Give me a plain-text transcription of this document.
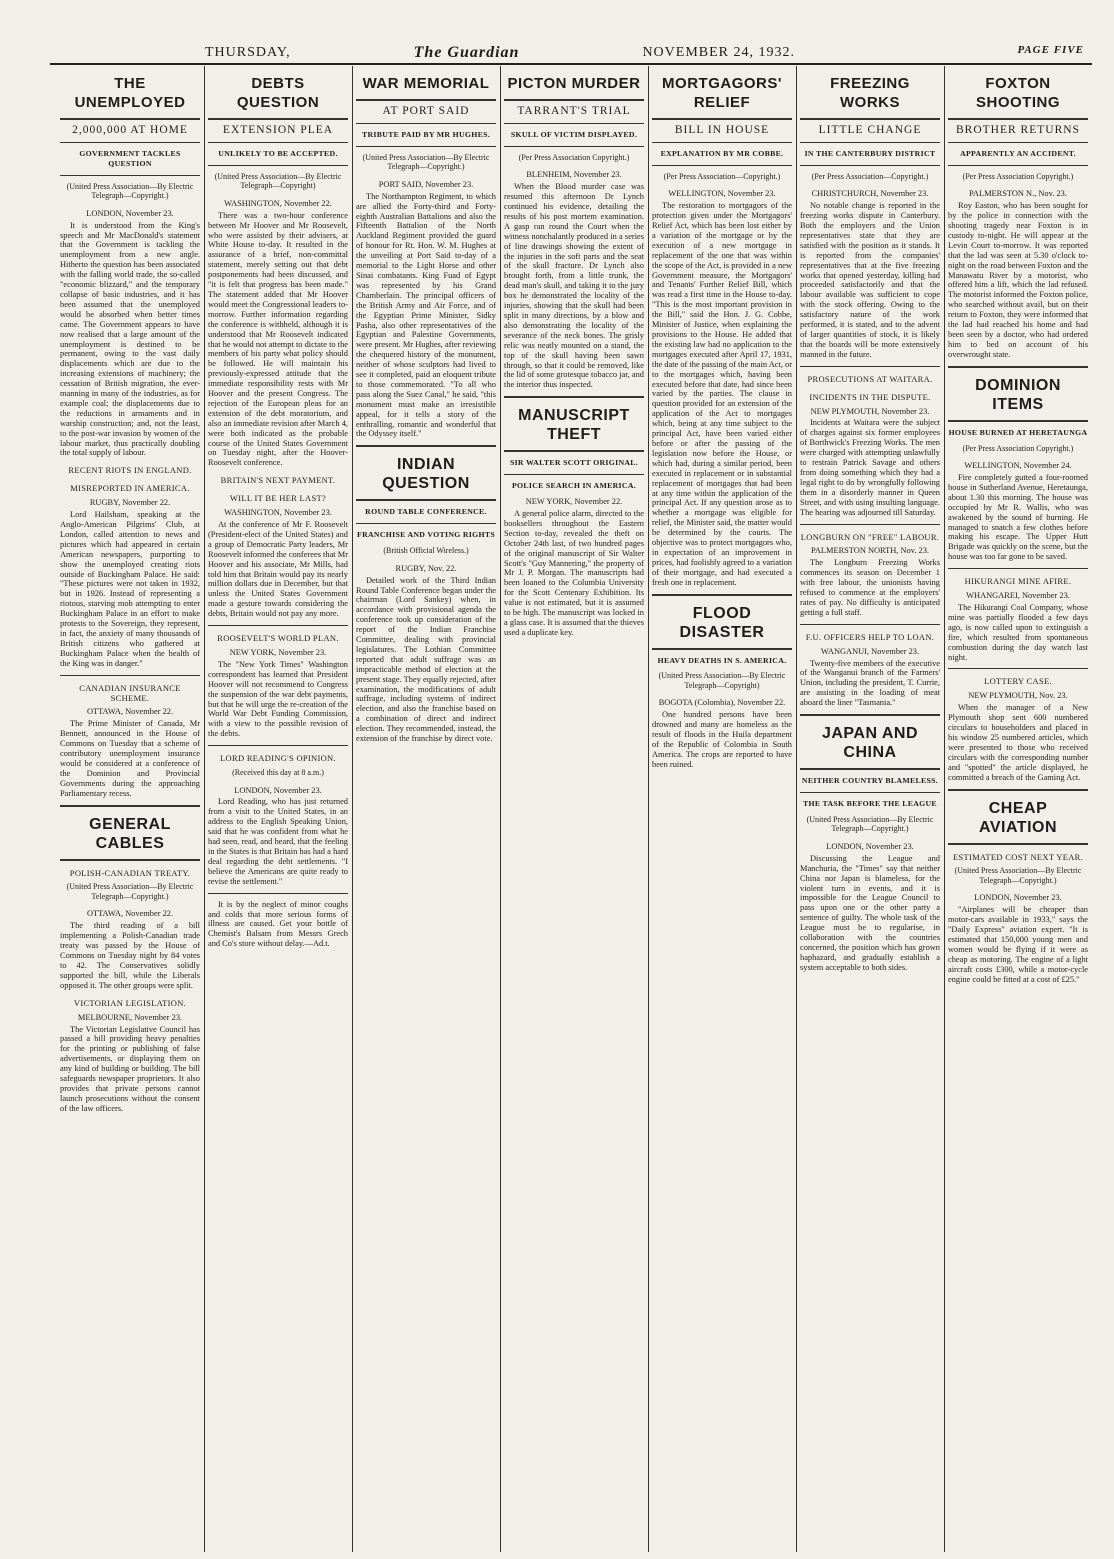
THURSDAY,	The Guardian	NOVEMBER 24, 1932.	PAGE FIVE
THE UNEMPLOYED
2,000,000 AT HOME
GOVERNMENT TACKLES QUESTION
(United Press Association—By Electric Telegraph—Copyright.)
LONDON, November 23.

It is understood from the King's speech and Mr MacDonald's statement that the Government is tackling the unemployment from a new angle. Hitherto the question has been associated with the falling world trade, the so-called "economic blizzard," and the temporary collapse of basic industries, and it has been assumed that the unemployed would be absorbed when better times came. The Government appears to have now realised that a large amount of the unemployment is destined to be permanent, owing to the vast daily displacements which are due to the increasing extensions of machinery; the cessation of British migration, the ever-manning in many of the industries, as for example coal; the displacements due to the reductions in armaments and in warship construction; and, not the least, to the post-war invasion by women of the labour market, thus practically doubling the total supply of labour.

RECENT RIOTS IN ENGLAND.
MISREPORTED IN AMERICA.
RUGBY, November 22.

Lord Hailsham, speaking at the Anglo-American Pilgrims' Club, at London, called attention to news and pictures which had appeared in certain American newspapers, purporting to show the unemployed creating riots outside of Buckingham Palace. He said: "These pictures were not taken in 1932, but in 1926. Instead of representing a riotous, starving mob attempting to enter Buckingham Palace in an effort to make protests to the Sovereign, they represent, in fact, the anxiety of many thousands of British citizens who gathered at Buckingham Palace when the health of the King was in danger."

CANADIAN INSURANCE SCHEME.
OTTAWA, November 22.

The Prime Minister of Canada, Mr Bennett, announced in the House of Commons on Tuesday that a scheme of contributory unemployment insurance would be considered at a conference of the Dominion and Provincial Governments during the approaching Parliamentary recess.

GENERAL CABLES
POLISH-CANADIAN TREATY.
(United Press Association—By Electric Telegraph—Copyright.)
OTTAWA, November 22.

The third reading of a bill implementing a Polish-Canadian trade treaty was passed by the House of Commons on Tuesday night by 84 votes to 42. The Conservatives solidly supported the bill, while the Liberals opposed it. The other groups were split.

VICTORIAN LEGISLATION.
MELBOURNE, November 23.

The Victorian Legislative Council has passed a bill providing heavy penalties for the printing or publishing of false advertisements, or displaying them on any kind of building or building. The bill safeguards newspaper proprietors. It also provides that private persons cannot launch prosecutions without the consent of the law officers.

DEBTS QUESTION
EXTENSION PLEA
UNLIKELY TO BE ACCEPTED.
(United Press Association—By Electric Telegraph—Copyright)
WASHINGTON, November 22.

There was a two-hour conference between Mr Hoover and Mr Roosevelt, who were assisted by their advisers, at White House to-day. It resulted in the assurance of a brief, non-committal statement, merely setting out that debt postponements had been discussed, and "it is felt that progress has been made." The statement added that Mr Hoover would meet the Congressional leaders to-morrow. Further information regarding the conference is withheld, although it is understood that Mr Roosevelt indicated that he would not attempt to dictate to the members of his party what policy should be followed. He will maintain his previously-expressed attitude that the immediate responsibility rests with Mr Hoover and the present Congress. The rejection of the European pleas for an extension of the debt moratorium, and also an immediate revision after March 4, were both indicated as the probable course of the United States Government on Tuesday night, after the Hoover-Roosevelt conference.

BRITAIN'S NEXT PAYMENT.
WILL IT BE HER LAST?
WASHINGTON, November 23.

At the conference of Mr F. Roosevelt (President-elect of the United States) and a group of Democratic Party leaders, Mr Roosevelt informed the conferees that Mr Hoover and his associate, Mr Mills, had told him that Britain would pay its nearly million dollars due in December, but that unless the United States Government made a gesture towards considering the debts, Britain would not pay any more.

ROOSEVELT'S WORLD PLAN.
NEW YORK, November 23.

The "New York Times" Washington correspondent has learned that President Hoover will not recommend to Congress the suspension of the war debt payments, but that he will urge the re-creation of the World War Debt Funding Commission, with a view to the possible revision of the debts.

LORD READING'S OPINION.
(Received this day at 8 a.m.)
LONDON, November 23.

Lord Reading, who has just returned from a visit to the United States, in an address to the English Speaking Union, said that he was confident from what he had seen, read, and heard, that the feeling in the States is that Britain has had a hard deal regarding the debt settlements. "I believe the Americans are quite ready to revise the settlement."

It is by the neglect of minor coughs and colds that more serious forms of illness are caused. Get your bottle of Chemist's Balsam from Messrs Grech and Co's store without delay.—Ad.t.

WAR MEMORIAL
AT PORT SAID
TRIBUTE PAID BY MR HUGHES.
(United Press Association—By Electric Telegraph—Copyright.)
PORT SAID, November 23.

The Northampton Regiment, to which are allied the Forty-third and Forty-eighth Australian Battalions and also the Fifteenth Battalion of the North Auckland Regiment provided the guard of honour for Rt. Hon. W. M. Hughes at the unveiling at Port Said to-day of a memorial to the Light Horse and other Sinai combatants. King Fuad of Egypt was represented by his Grand Chamberlain. The principal officers of the British Army and Air Force, and of the Egyptian Prime Minister, Sidky Pasha, also other representatives of the Egyptian and Palestine Governments, were present. Mr Hughes, after reviewing the chequered history of the monument, neither of whose sculptors had lived to see it completed, paid an eloquent tribute to those commemorated. "To all who pass along the Suez Canal," he said, "this monument must make an irresistible appeal, for it tells a story of the enthralling, romantic and wonderful that the Odyssey itself."

INDIAN QUESTION
ROUND TABLE CONFERENCE.
FRANCHISE AND VOTING RIGHTS
(British Official Wireless.)
RUGBY, Nov. 22.

Detailed work of the Third Indian Round Table Conference began under the chairman (Lord Sankey) when, in accordance with provisional agenda the conference took up consideration of the report of the Indian Franchise Committee, dealing with provincial legislatures. The Lothian Committee reported that adult suffrage was an impracticable method of election at the present stage. They equally rejected, after examination, the modifications of adult suffrage, including systems of indirect election, and also the franchise based on a combination of direct and indirect election. They recommended, instead, the extension of the franchise by direct vote.

PICTON MURDER
TARRANT'S TRIAL
SKULL OF VICTIM DISPLAYED.
(Per Press Association Copyright.)
BLENHEIM, November 23.

When the Blood murder case was resumed this afternoon Dr Lynch continued his evidence, detailing the results of his post mortem examination. A gasp ran round the Court when the witness nonchalantly produced in a series of line drawings showing the extent of the injuries in the soft parts and the seat of the skull fracture. Dr Lynch also brought forth, from a little trunk, the dead man's skull, and taking it to the jury box he demonstrated the locality of the injuries, showing that the skull had been split in many directions, by a blow and also demonstrating the locality of the severance of the neck bones. The grisly relic was neatly mounted on a stand, the top of the skull having been sawn through, so that it could be removed, like the lid of some grotesque tobacco jar, and the interior thus inspected.

MANUSCRIPT THEFT
SIR WALTER SCOTT ORIGINAL.
POLICE SEARCH IN AMERICA.
NEW YORK, November 22.

A general police alarm, directed to the booksellers throughout the Eastern Section to-day, revealed the theft on October 24th last, of two hundred pages of the original manuscript of Sir Walter Scott's "Guy Mannering," the property of Mr J. P. Morgan. The manuscripts had been loaned to the Columbia University for the Scott Centenary Exhibition. Its value is not estimated, but it is assumed to be high. The manuscript was locked in a glass case. It is assumed that the thieves used a duplicate key.

MORTGAGORS' RELIEF
BILL IN HOUSE
EXPLANATION BY MR COBBE.
(Per Press Association—Copyright.)
WELLINGTON, November 23.

The restoration to mortgagors of the protection given under the Mortgagors' Relief Act, which has been lost either by a variation of the mortgage or by the execution of a new mortgage in replacement of the one that was within the scope of the Act, is provided in a new Government measure, the Mortgagors' and Tenants' Further Relief Bill, which was read a first time in the House to-day. "This is the most important provision in the Bill," said the Hon. J. G. Cobbe, Minister of Justice, when explaining the provisions to the House. He added that the existing law had no application to the mortgages executed after April 17, 1931, the date of the passing of the main Act, or to the mortgages which, having been executed before that date, had since been varied by the parties. The clause in question provided for an extension of the application of the Act to mortgages which, being at any time subject to the principal Act, have been varied either before or after the passing of the legislation now before the House, or which had, during a similar period, been executed in replacement or in substantial replacement of mortgages that had been at any time within the application of the principal Act. If any question arose as to whether a mortgage was eligible for relief, the Minister said, the matter would be determined by the courts. The objective was to protect mortgagors who, in expectation of an improvement in prices, had foolishly agreed to a variation of their mortgage, and had executed a fresh one in replacement.

FLOOD DISASTER
HEAVY DEATHS IN S. AMERICA.
(United Press Association—By Electric Telegraph—Copyright)
BOGOTA (Colombia), November 22.

One hundred persons have been drowned and many are homeless as the result of floods in the Huila department of the Republic of Colombia in South America. The crops are reported to have been ruined.

FREEZING WORKS
LITTLE CHANGE
IN THE CANTERBURY DISTRICT
(Per Press Association—Copyright.)
CHRISTCHURCH, November 23.

No notable change is reported in the freezing works dispute in Canterbury. Both the employers and the Union representatives state that they are satisfied with the position as it stands. It is reported from the companies' representatives that at the five freezing works that opened yesterday, killing had proceeded satisfactorily and that the labour available was sufficient to cope with the stock offering. Owing to the satisfactory nature of the work performed, it is stated, and to the advent of larger quantities of stock, it is likely that the boards will be more extensively manned in the future.

PROSECUTIONS AT WAITARA.
INCIDENTS IN THE DISPUTE.
NEW PLYMOUTH, November 23.

Incidents at Waitara were the subject of charges against six former employees of Borthwick's Freezing Works. The men were charged with attempting unlawfully to restrain Patrick Savage and others from doing something which they had a legal right to do by wrongfully following them in a disorderly manner in Queen Street, and with using insulting language. The hearing was adjourned till Saturday.

LONGBURN ON "FREE" LABOUR.
PALMERSTON NORTH, Nov. 23.

The Longburn Freezing Works commences its season on December 1 with free labour, the unionists having refused to commence at the employers' rates of pay. No difficulty is anticipated getting a full staff.

F.U. OFFICERS HELP TO LOAN.
WANGANUI, November 23.

Twenty-five members of the executive of the Wanganui branch of the Farmers' Union, including the president, T. Currie, are assisting in the loading of meat aboard the liner "Tasmania."

JAPAN AND CHINA
NEITHER COUNTRY BLAMELESS.
THE TASK BEFORE THE LEAGUE
(United Press Association—By Electric Telegraph—Copyright.)
LONDON, November 23.

Discussing the League and Manchuria, the "Times" say that neither China nor Japan is blameless, for the violent turn in events, and it is impossible for the League Council to pass upon one or the other party a sentence of guilty. The whole task of the League must be to regularise, in collaboration with the countries concerned, the position which has grown haphazard, and gradually establish a system acceptable to both sides.

FOXTON SHOOTING
BROTHER RETURNS
APPARENTLY AN ACCIDENT.
(Per Press Association Copyright.)
PALMERSTON N., Nov. 23.

Roy Easton, who has been sought for by the police in connection with the shooting tragedy near Foxton is in custody to-night. He will appear at the Levin Court to-morrow. It was reported that the lad was seen at 5.30 o'clock to-night on the road between Foxton and the Manawatu River by a motorist, who offered him a lift, which the lad refused. The motorist informed the Foxton police, who searched without avail, but on their return to Foxton, they were informed that the lad had reached his home and had been seen by a doctor, who had ordered him to bed on account of his overwrought state.

DOMINION ITEMS
HOUSE BURNED AT HERETAUNGA
(Per Press Association Copyright.)
WELLINGTON, November 24.

Fire completely gutted a four-roomed house in Sutherland Avenue, Heretaunga, about 1.30 this morning. The house was occupied by Mr R. Wallis, who was awakened by the sound of burning. He managed to snatch a few clothes before making his escape. The Upper Hutt Brigade was quickly on the scene, but the house was too far gone to be saved.

HIKURANGI MINE AFIRE.
WHANGAREI, November 23.

The Hikurangi Coal Company, whose mine was partially flooded a few days ago, is now called upon to extinguish a fire, which resulted from spontaneous combustion during the day watch last night.

LOTTERY CASE.
NEW PLYMOUTH, Nov. 23.

When the manager of a New Plymouth shop sent 600 numbered circulars to householders and placed in his window 25 numbered articles, which were presented to those who received circulars with the corresponding number and "spotted" the article displayed, he committed a breach of the Gaming Act.

CHEAP AVIATION
ESTIMATED COST NEXT YEAR.
(United Press Association—By Electric Telegraph—Copyright.)
LONDON, November 23.

"Airplanes will be cheaper than motor-cars available in 1933," says the "Daily Express" aviation expert. "It is estimated that 150,000 young men and women would be flying if it were as cheap as motoring. The engine of a light aircraft costs £300, while a motor-cycle engine could be fitted at a cost of £25."
